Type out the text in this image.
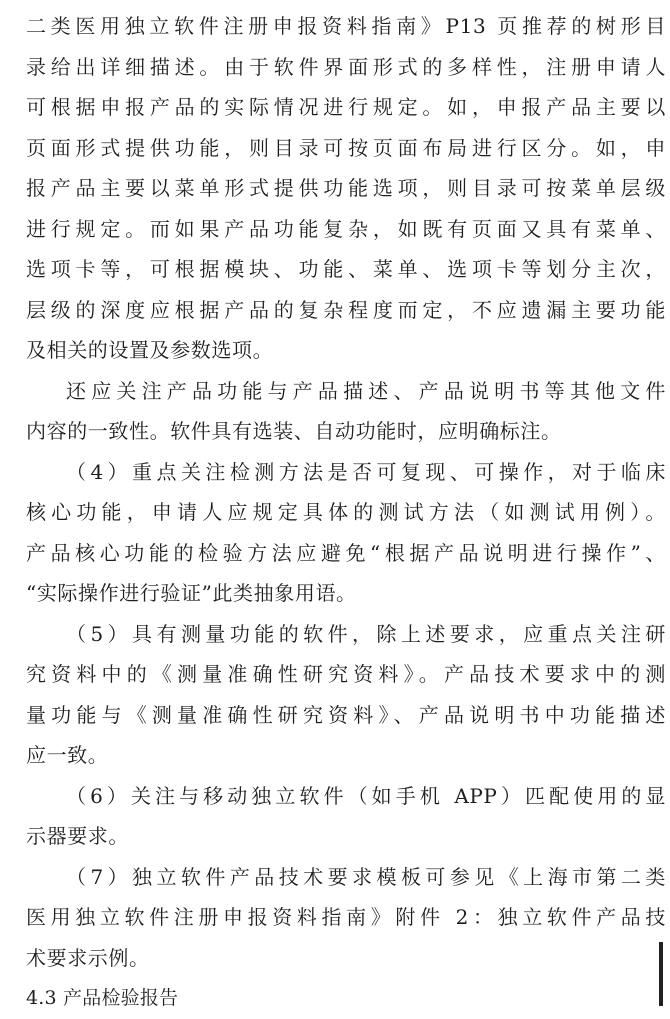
二类医用独立软件注册申报资料指南》P13 页推荐的树形目
录给出详细描述。由于软件界面形式的多样性，注册申请人
可根据申报产品的实际情况进行规定。如，申报产品主要以
页面形式提供功能，则目录可按页面布局进行区分。如，申
报产品主要以菜单形式提供功能选项，则目录可按菜单层级
进行规定。而如果产品功能复杂，如既有页面又具有菜单、
选项卡等，可根据模块、功能、菜单、选项卡等划分主次，
层级的深度应根据产品的复杂程度而定，不应遗漏主要功能
及相关的设置及参数选项。
还应关注产品功能与产品描述、产品说明书等其他文件
内容的一致性。软件具有选装、自动功能时，应明确标注。
（4）重点关注检测方法是否可复现、可操作，对于临床
核心功能，申请人应规定具体的测试方法（如测试用例）。
产品核心功能的检验方法应避免“根据产品说明进行操作”、
“实际操作进行验证”此类抽象用语。
（5）具有测量功能的软件，除上述要求，应重点关注研
究资料中的《测量准确性研究资料》。产品技术要求中的测
量功能与《测量准确性研究资料》、产品说明书中功能描述
应一致。
（6）关注与移动独立软件（如手机 APP）匹配使用的显
示器要求。
（7）独立软件产品技术要求模板可参见《上海市第二类
医用独立软件注册申报资料指南》附件 2：独立软件产品技
术要求示例。
4.3 产品检验报告
